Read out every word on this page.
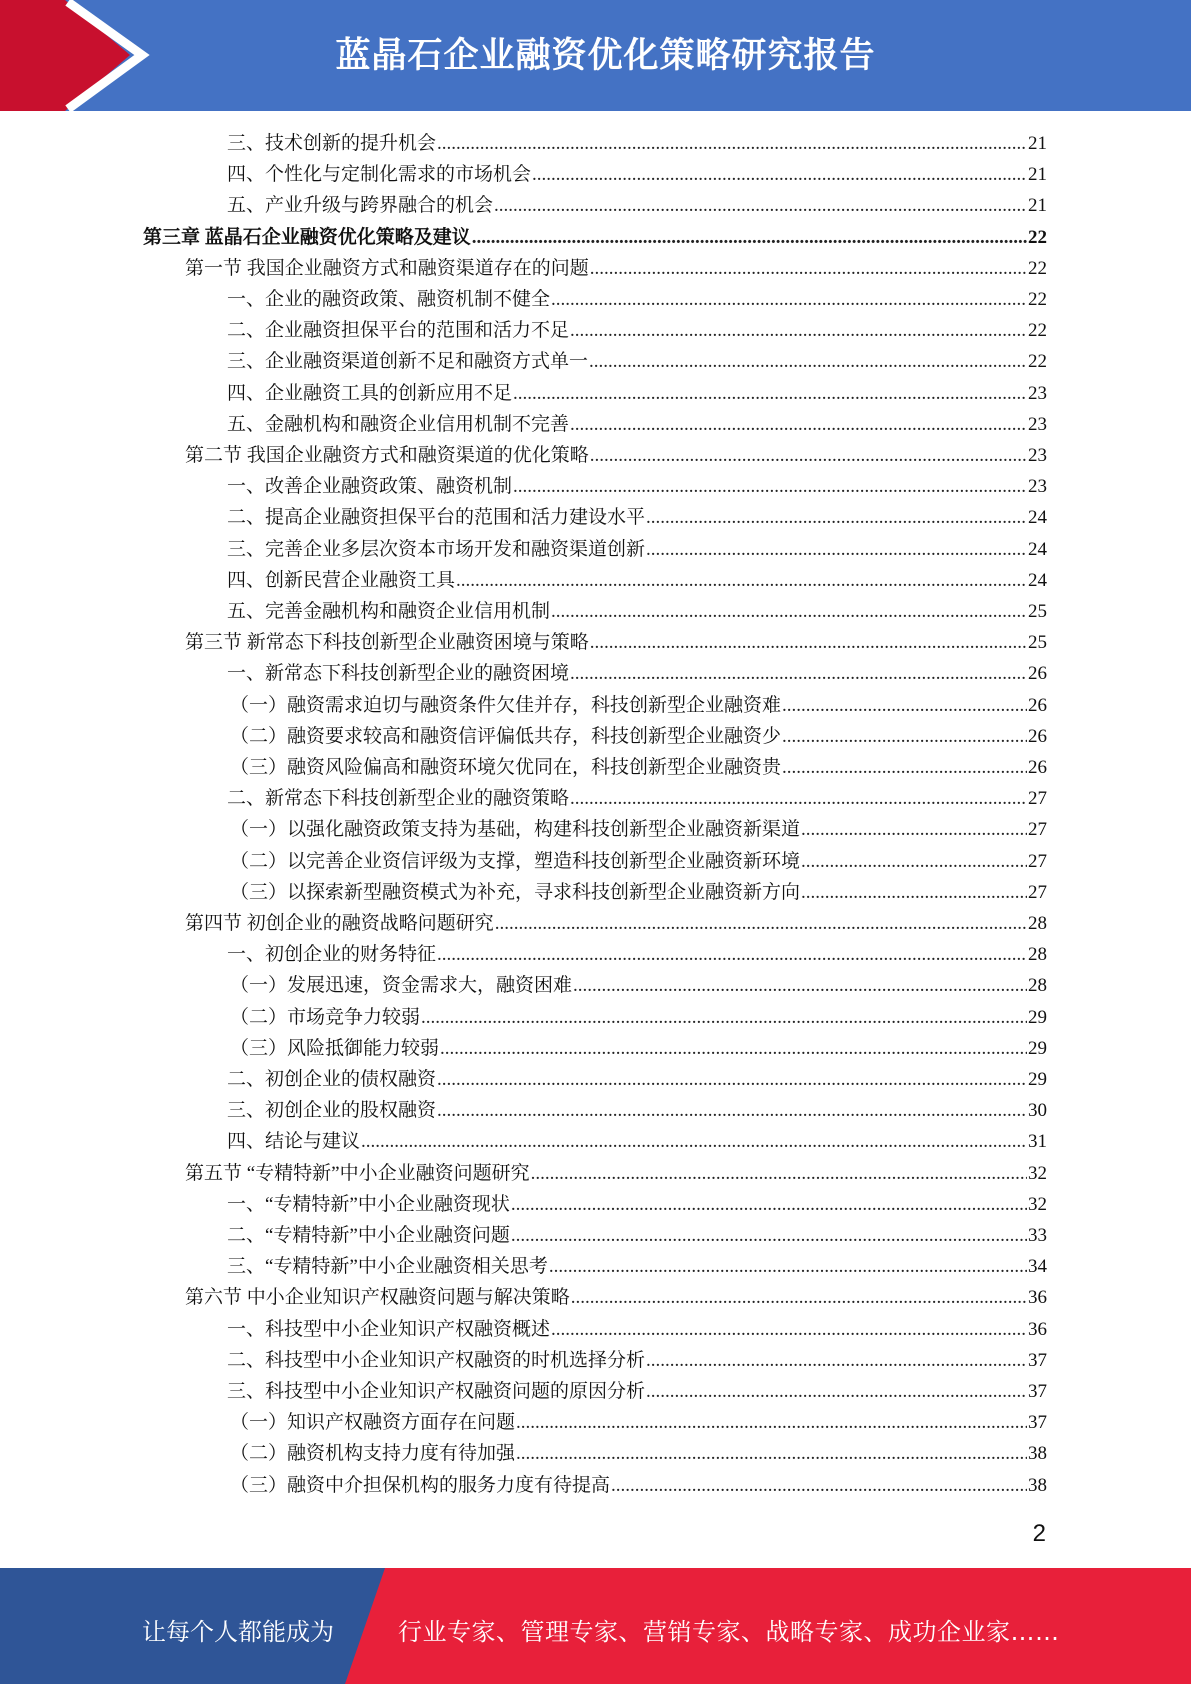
蓝晶石企业融资优化策略研究报告
三、技术创新的提升机会 .....	21
四、个性化与定制化需求的市场机会 .....	21
五、产业升级与跨界融合的机会 .....	21
第三章 蓝晶石企业融资优化策略及建议 .....	22
第一节 我国企业融资方式和融资渠道存在的问题 .....	22
一、企业的融资政策、融资机制不健全 .....	22
二、企业融资担保平台的范围和活力不足 .....	22
三、企业融资渠道创新不足和融资方式单一 .....	22
四、企业融资工具的创新应用不足 .....	23
五、金融机构和融资企业信用机制不完善 .....	23
第二节 我国企业融资方式和融资渠道的优化策略 .....	23
一、改善企业融资政策、融资机制 .....	23
二、提高企业融资担保平台的范围和活力建设水平 .....	24
三、完善企业多层次资本市场开发和融资渠道创新 .....	24
四、创新民营企业融资工具 .....	24
五、完善金融机构和融资企业信用机制 .....	25
第三节 新常态下科技创新型企业融资困境与策略 .....	25
一、新常态下科技创新型企业的融资困境 .....	26
（一）融资需求迫切与融资条件欠佳并存，科技创新型企业融资难 .....	26
（二）融资要求较高和融资信评偏低共存，科技创新型企业融资少 .....	26
（三）融资风险偏高和融资环境欠优同在，科技创新型企业融资贵 .....	26
二、新常态下科技创新型企业的融资策略 .....	27
（一）以强化融资政策支持为基础，构建科技创新型企业融资新渠道 .....	27
（二）以完善企业资信评级为支撑，塑造科技创新型企业融资新环境 .....	27
（三）以探索新型融资模式为补充，寻求科技创新型企业融资新方向 .....	27
第四节 初创企业的融资战略问题研究 .....	28
一、初创企业的财务特征 .....	28
（一）发展迅速，资金需求大，融资困难 .....	28
（二）市场竞争力较弱 .....	29
（三）风险抵御能力较弱 .....	29
二、初创企业的债权融资 .....	29
三、初创企业的股权融资 .....	30
四、结论与建议 .....	31
第五节 “专精特新”中小企业融资问题研究 .....	32
一、“专精特新”中小企业融资现状 .....	32
二、“专精特新”中小企业融资问题 .....	33
三、“专精特新”中小企业融资相关思考 .....	34
第六节 中小企业知识产权融资问题与解决策略 .....	36
一、科技型中小企业知识产权融资概述 .....	36
二、科技型中小企业知识产权融资的时机选择分析 .....	37
三、科技型中小企业知识产权融资问题的原因分析 .....	37
（一）知识产权融资方面存在问题 .....	37
（二）融资机构支持力度有待加强 .....	38
（三）融资中介担保机构的服务力度有待提高 .....	38
2
让每个人都能成为	行业专家、管理专家、营销专家、战略专家、成功企业家……
